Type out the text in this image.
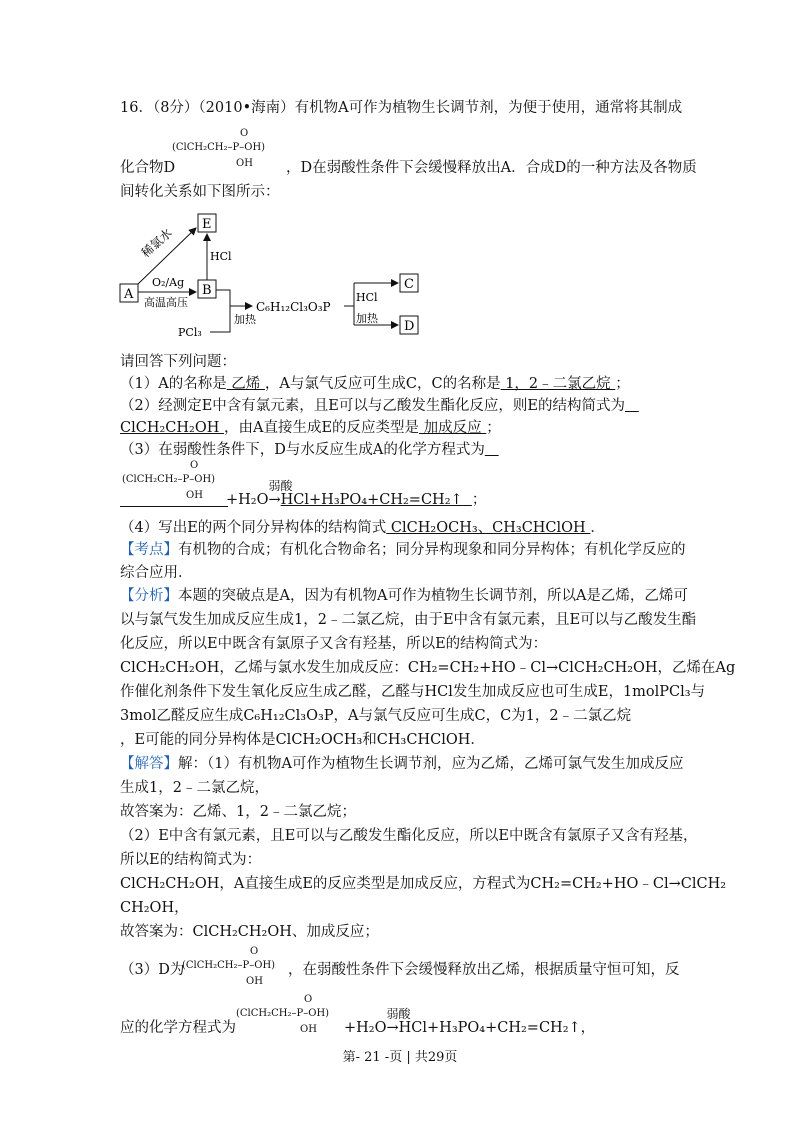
16．（8分）（2010•海南）有机物A可作为植物生长调节剂，为便于使用，通常将其制成
O
(ClCH₂CH₂–P–OH)
OH
化合物D	，D在弱酸性条件下会缓慢释放出A．合成D的一种方法及各物质
间转化关系如下图所示：
A
E
B	C
D
稀氯水
O₂/Ag
高温高压
HCl
PCl₃
加热
C₆H₁₂Cl₃O₃P
HCl
加热
请回答下列问题：
（1）A的名称是 乙烯 ，A与氯气反应可生成C，C的名称是 1，2﹣二氯乙烷 ；
（2）经测定E中含有氯元素，且E可以与乙酸发生酯化反应，则E的结构简式为
ClCH₂CH₂OH ，由A直接生成E的反应类型是 加成反应 ；
（3）在弱酸性条件下，D与水反应生成A的化学方程式为
O
(ClCH₂CH₂–P–OH)
OH +H₂O
弱酸
→HCl+H₃PO₄+CH₂=CH₂↑ ；
（4）写出E的两个同分异构体的结构简式 ClCH₂OCH₃、CH₃CHClOH ．
【考点】有机物的合成；有机化合物命名；同分异构现象和同分异构体；有机化学反应的
综合应用．
【分析】本题的突破点是A，因为有机物A可作为植物生长调节剂，所以A是乙烯，乙烯可
以与氯气发生加成反应生成1，2﹣二氯乙烷，由于E中含有氯元素，且E可以与乙酸发生酯
化反应，所以E中既含有氯原子又含有羟基，所以E的结构简式为：
ClCH₂CH₂OH，乙烯与氯水发生加成反应：CH₂=CH₂+HO﹣Cl→ClCH₂CH₂OH，乙烯在Ag
作催化剂条件下发生氧化反应生成乙醛，乙醛与HCl发生加成反应也可生成E，1molPCl₃与
3mol乙醛反应生成C₆H₁₂Cl₃O₃P，A与氯气反应可生成C，C为1，2﹣二氯乙烷
，E可能的同分异构体是ClCH₂OCH₃和CH₃CHClOH．
【解答】解：（1）有机物A可作为植物生长调节剂，应为乙烯，乙烯可氯气发生加成反应
生成1，2﹣二氯乙烷，
故答案为：乙烯、1，2﹣二氯乙烷；
（2）E中含有氯元素，且E可以与乙酸发生酯化反应，所以E中既含有氯原子又含有羟基，
所以E的结构简式为：
ClCH₂CH₂OH，A直接生成E的反应类型是加成反应，方程式为CH₂=CH₂+HO﹣Cl→ClCH₂
CH₂OH，
故答案为：ClCH₂CH₂OH、加成反应；
O
(ClCH₂CH₂–P–OH)
OH
（3）D为	，在弱酸性条件下会缓慢释放出乙烯，根据质量守恒可知，反
O
(ClCH₂CH₂–P–OH)
OH
应的化学方程式为	+H₂O
弱酸
→HCl+H₃PO₄+CH₂=CH₂↑，
第- 21 -页 | 共29页
